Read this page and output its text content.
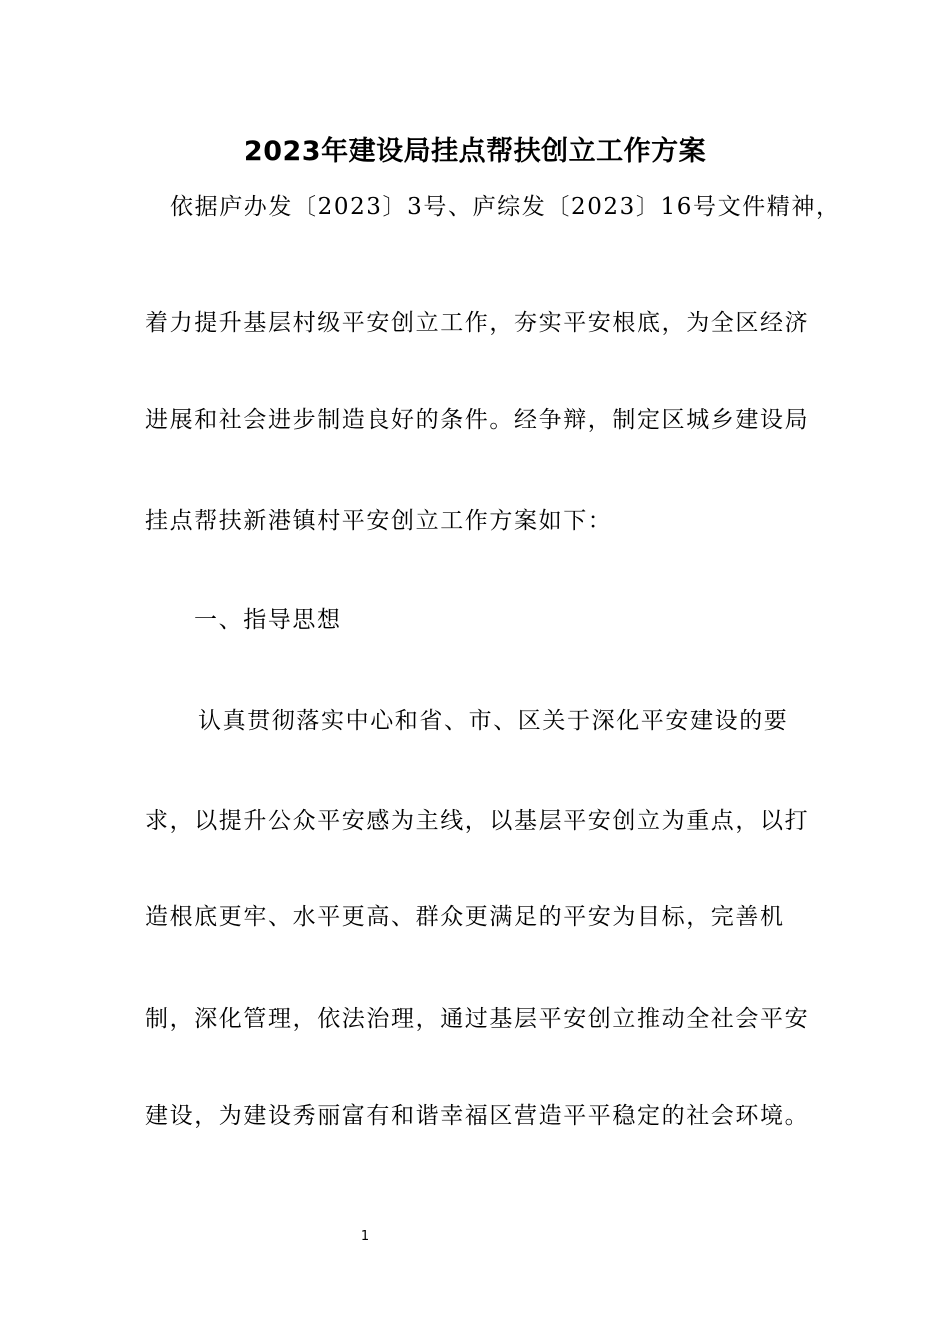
2023年建设局挂点帮扶创立工作方案
依据庐办发〔2023〕3号、庐综发〔2023〕16号文件精神，
着力提升基层村级平安创立工作，夯实平安根底，为全区经济
进展和社会进步制造良好的条件。经争辩，制定区城乡建设局
挂点帮扶新港镇村平安创立工作方案如下：
一、指导思想
认真贯彻落实中心和省、市、区关于深化平安建设的要
求，以提升公众平安感为主线，以基层平安创立为重点，以打
造根底更牢、水平更高、群众更满足的平安为目标，完善机
制，深化管理，依法治理，通过基层平安创立推动全社会平安
建设，为建设秀丽富有和谐幸福区营造平平稳定的社会环境。
1
